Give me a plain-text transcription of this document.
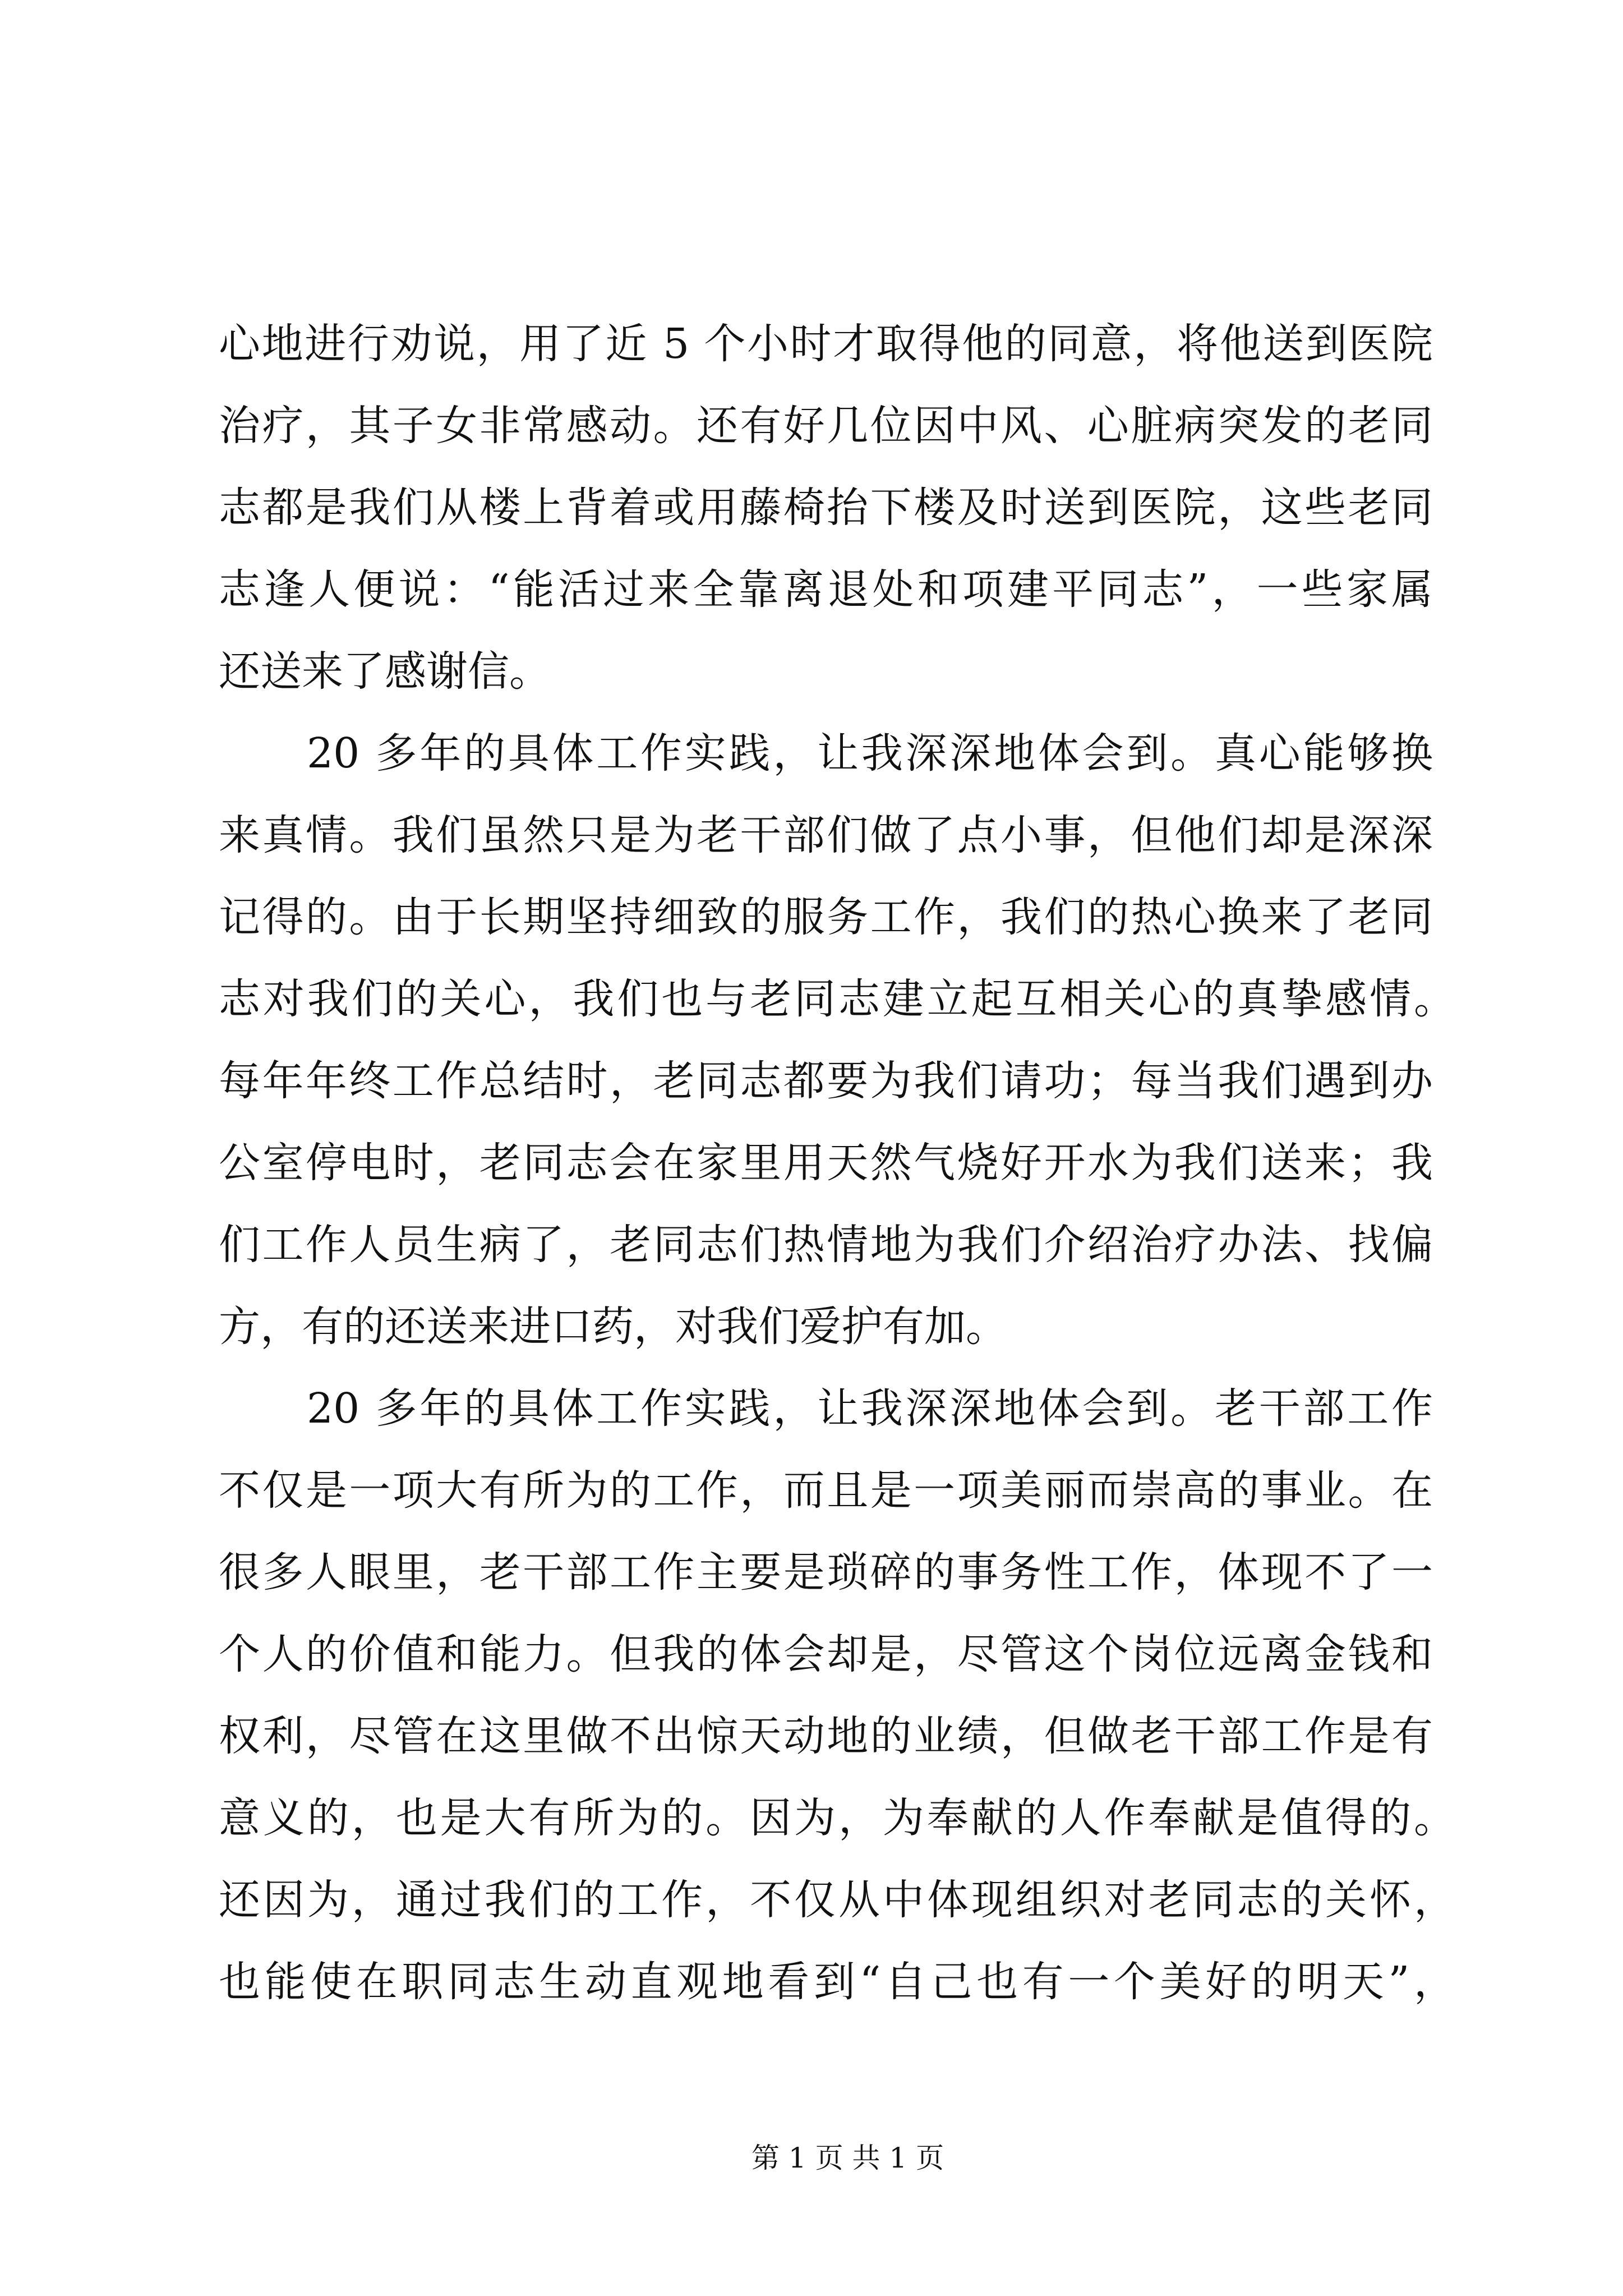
心地进行劝说，用了近 5 个小时才取得他的同意，将他送到医院
治疗，其子女非常感动。还有好几位因中风、心脏病突发的老同
志都是我们从楼上背着或用藤椅抬下楼及时送到医院，这些老同
志逢人便说：“能活过来全靠离退处和项建平同志”，一些家属
还送来了感谢信。
20 多年的具体工作实践，让我深深地体会到。真心能够换
来真情。我们虽然只是为老干部们做了点小事，但他们却是深深
记得的。由于长期坚持细致的服务工作，我们的热心换来了老同
志对我们的关心，我们也与老同志建立起互相关心的真挚感情。
每年年终工作总结时，老同志都要为我们请功；每当我们遇到办
公室停电时，老同志会在家里用天然气烧好开水为我们送来；我
们工作人员生病了，老同志们热情地为我们介绍治疗办法、找偏
方，有的还送来进口药，对我们爱护有加。
20 多年的具体工作实践，让我深深地体会到。老干部工作
不仅是一项大有所为的工作，而且是一项美丽而崇高的事业。在
很多人眼里，老干部工作主要是琐碎的事务性工作，体现不了一
个人的价值和能力。但我的体会却是，尽管这个岗位远离金钱和
权利，尽管在这里做不出惊天动地的业绩，但做老干部工作是有
意义的，也是大有所为的。因为，为奉献的人作奉献是值得的。
还因为，通过我们的工作，不仅从中体现组织对老同志的关怀，
也能使在职同志生动直观地看到“自己也有一个美好的明天”，
第 1 页 共 1 页
